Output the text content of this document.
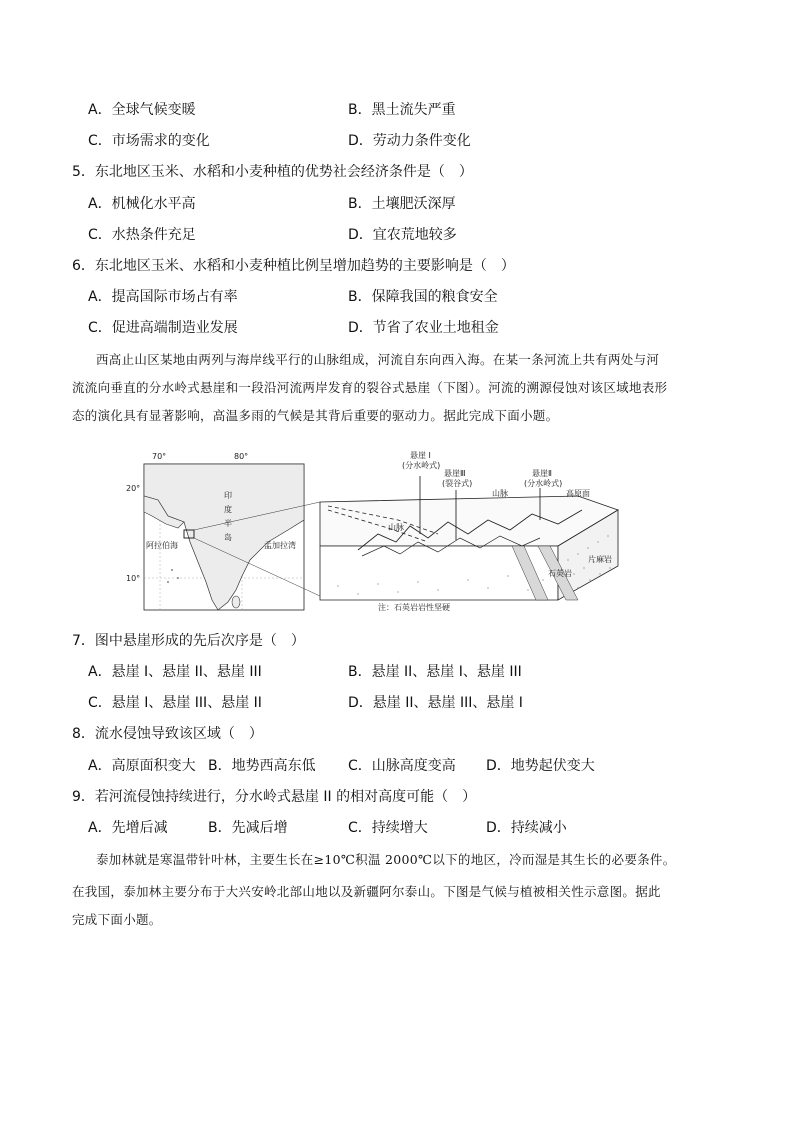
A．全球气候变暖	B．黑土流失严重
C．市场需求的变化	D．劳动力条件变化
5．东北地区玉米、水稻和小麦种植的优势社会经济条件是（　）
A．机械化水平高	B．土壤肥沃深厚
C．水热条件充足	D．宜农荒地较多
6．东北地区玉米、水稻和小麦种植比例呈增加趋势的主要影响是（　）
A．提高国际市场占有率	B．保障我国的粮食安全
C．促进高端制造业发展	D．节省了农业土地租金
西高止山区某地由两列与海岸线平行的山脉组成，河流自东向西入海。在某一条河流上共有两处与河
流流向垂直的分水岭式悬崖和一段沿河流两岸发育的裂谷式悬崖（下图）。河流的溯源侵蚀对该区域地表形
态的演化具有显著影响，高温多雨的气候是其背后重要的驱动力。据此完成下面小题。
70°	80°
20°
10°
印
度
半
岛
阿拉伯海	孟加拉湾
悬崖 I
(分水岭式)
悬崖Ⅲ
(裂谷式)
悬崖Ⅱ
(分水岭式)
山脉	高原面
山脉
片麻岩
石英岩
注：石英岩岩性坚硬
7．图中悬崖形成的先后次序是（　）
A．悬崖 I、悬崖 II、悬崖 III	B．悬崖 II、悬崖 I、悬崖 III
C．悬崖 I、悬崖 III、悬崖 II	D．悬崖 II、悬崖 III、悬崖 I
8．流水侵蚀导致该区域（　）
A．高原面积变大 B．地势西高东低 C．山脉高度变高 D．地势起伏变大
9．若河流侵蚀持续进行，分水岭式悬崖 II 的相对高度可能（　）
A．先增后减	B．先减后增	C．持续增大	D．持续减小
泰加林就是寒温带针叶林，主要生长在≥10℃积温 2000℃以下的地区，冷而湿是其生长的必要条件。
在我国，泰加林主要分布于大兴安岭北部山地以及新疆阿尔泰山。下图是气候与植被相关性示意图。据此
完成下面小题。
